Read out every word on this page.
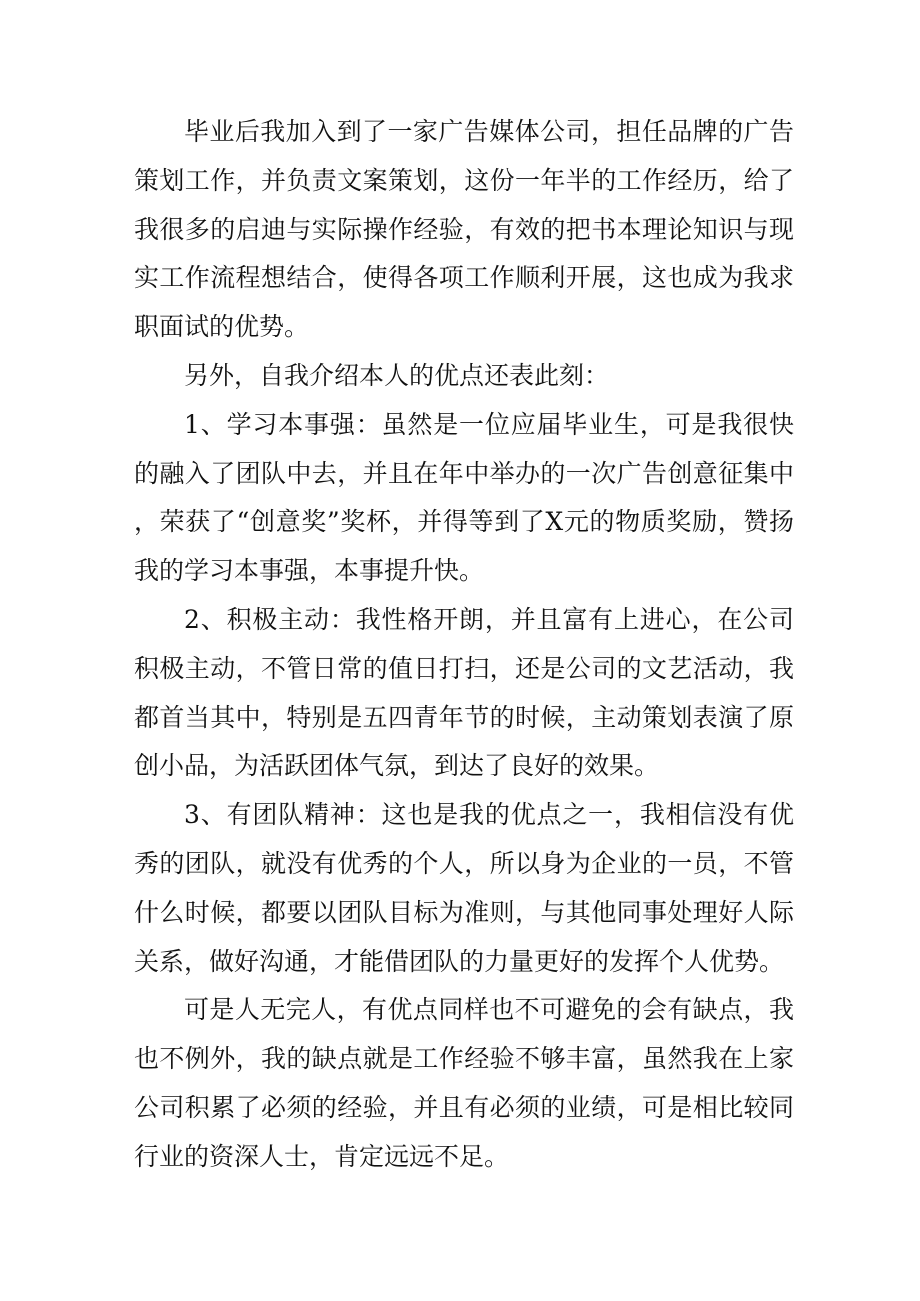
毕业后我加入到了一家广告媒体公司，担任品牌的广告策划工作，并负责文案策划，这份一年半的工作经历，给了我很多的启迪与实际操作经验，有效的把书本理论知识与现实工作流程想结合，使得各项工作顺利开展，这也成为我求职面试的优势。

另外，自我介绍本人的优点还表此刻：

1、学习本事强：虽然是一位应届毕业生，可是我很快的融入了团队中去，并且在年中举办的一次广告创意征集中，荣获了“创意奖”奖杯，并得等到了X元的物质奖励，赞扬我的学习本事强，本事提升快。

2、积极主动：我性格开朗，并且富有上进心，在公司积极主动，不管日常的值日打扫，还是公司的文艺活动，我都首当其中，特别是五四青年节的时候，主动策划表演了原创小品，为活跃团体气氛，到达了良好的效果。

3、有团队精神：这也是我的优点之一，我相信没有优秀的团队，就没有优秀的个人，所以身为企业的一员，不管什么时候，都要以团队目标为准则，与其他同事处理好人际关系，做好沟通，才能借团队的力量更好的发挥个人优势。

可是人无完人，有优点同样也不可避免的会有缺点，我也不例外，我的缺点就是工作经验不够丰富，虽然我在上家公司积累了必须的经验，并且有必须的业绩，可是相比较同行业的资深人士，肯定远远不足。
